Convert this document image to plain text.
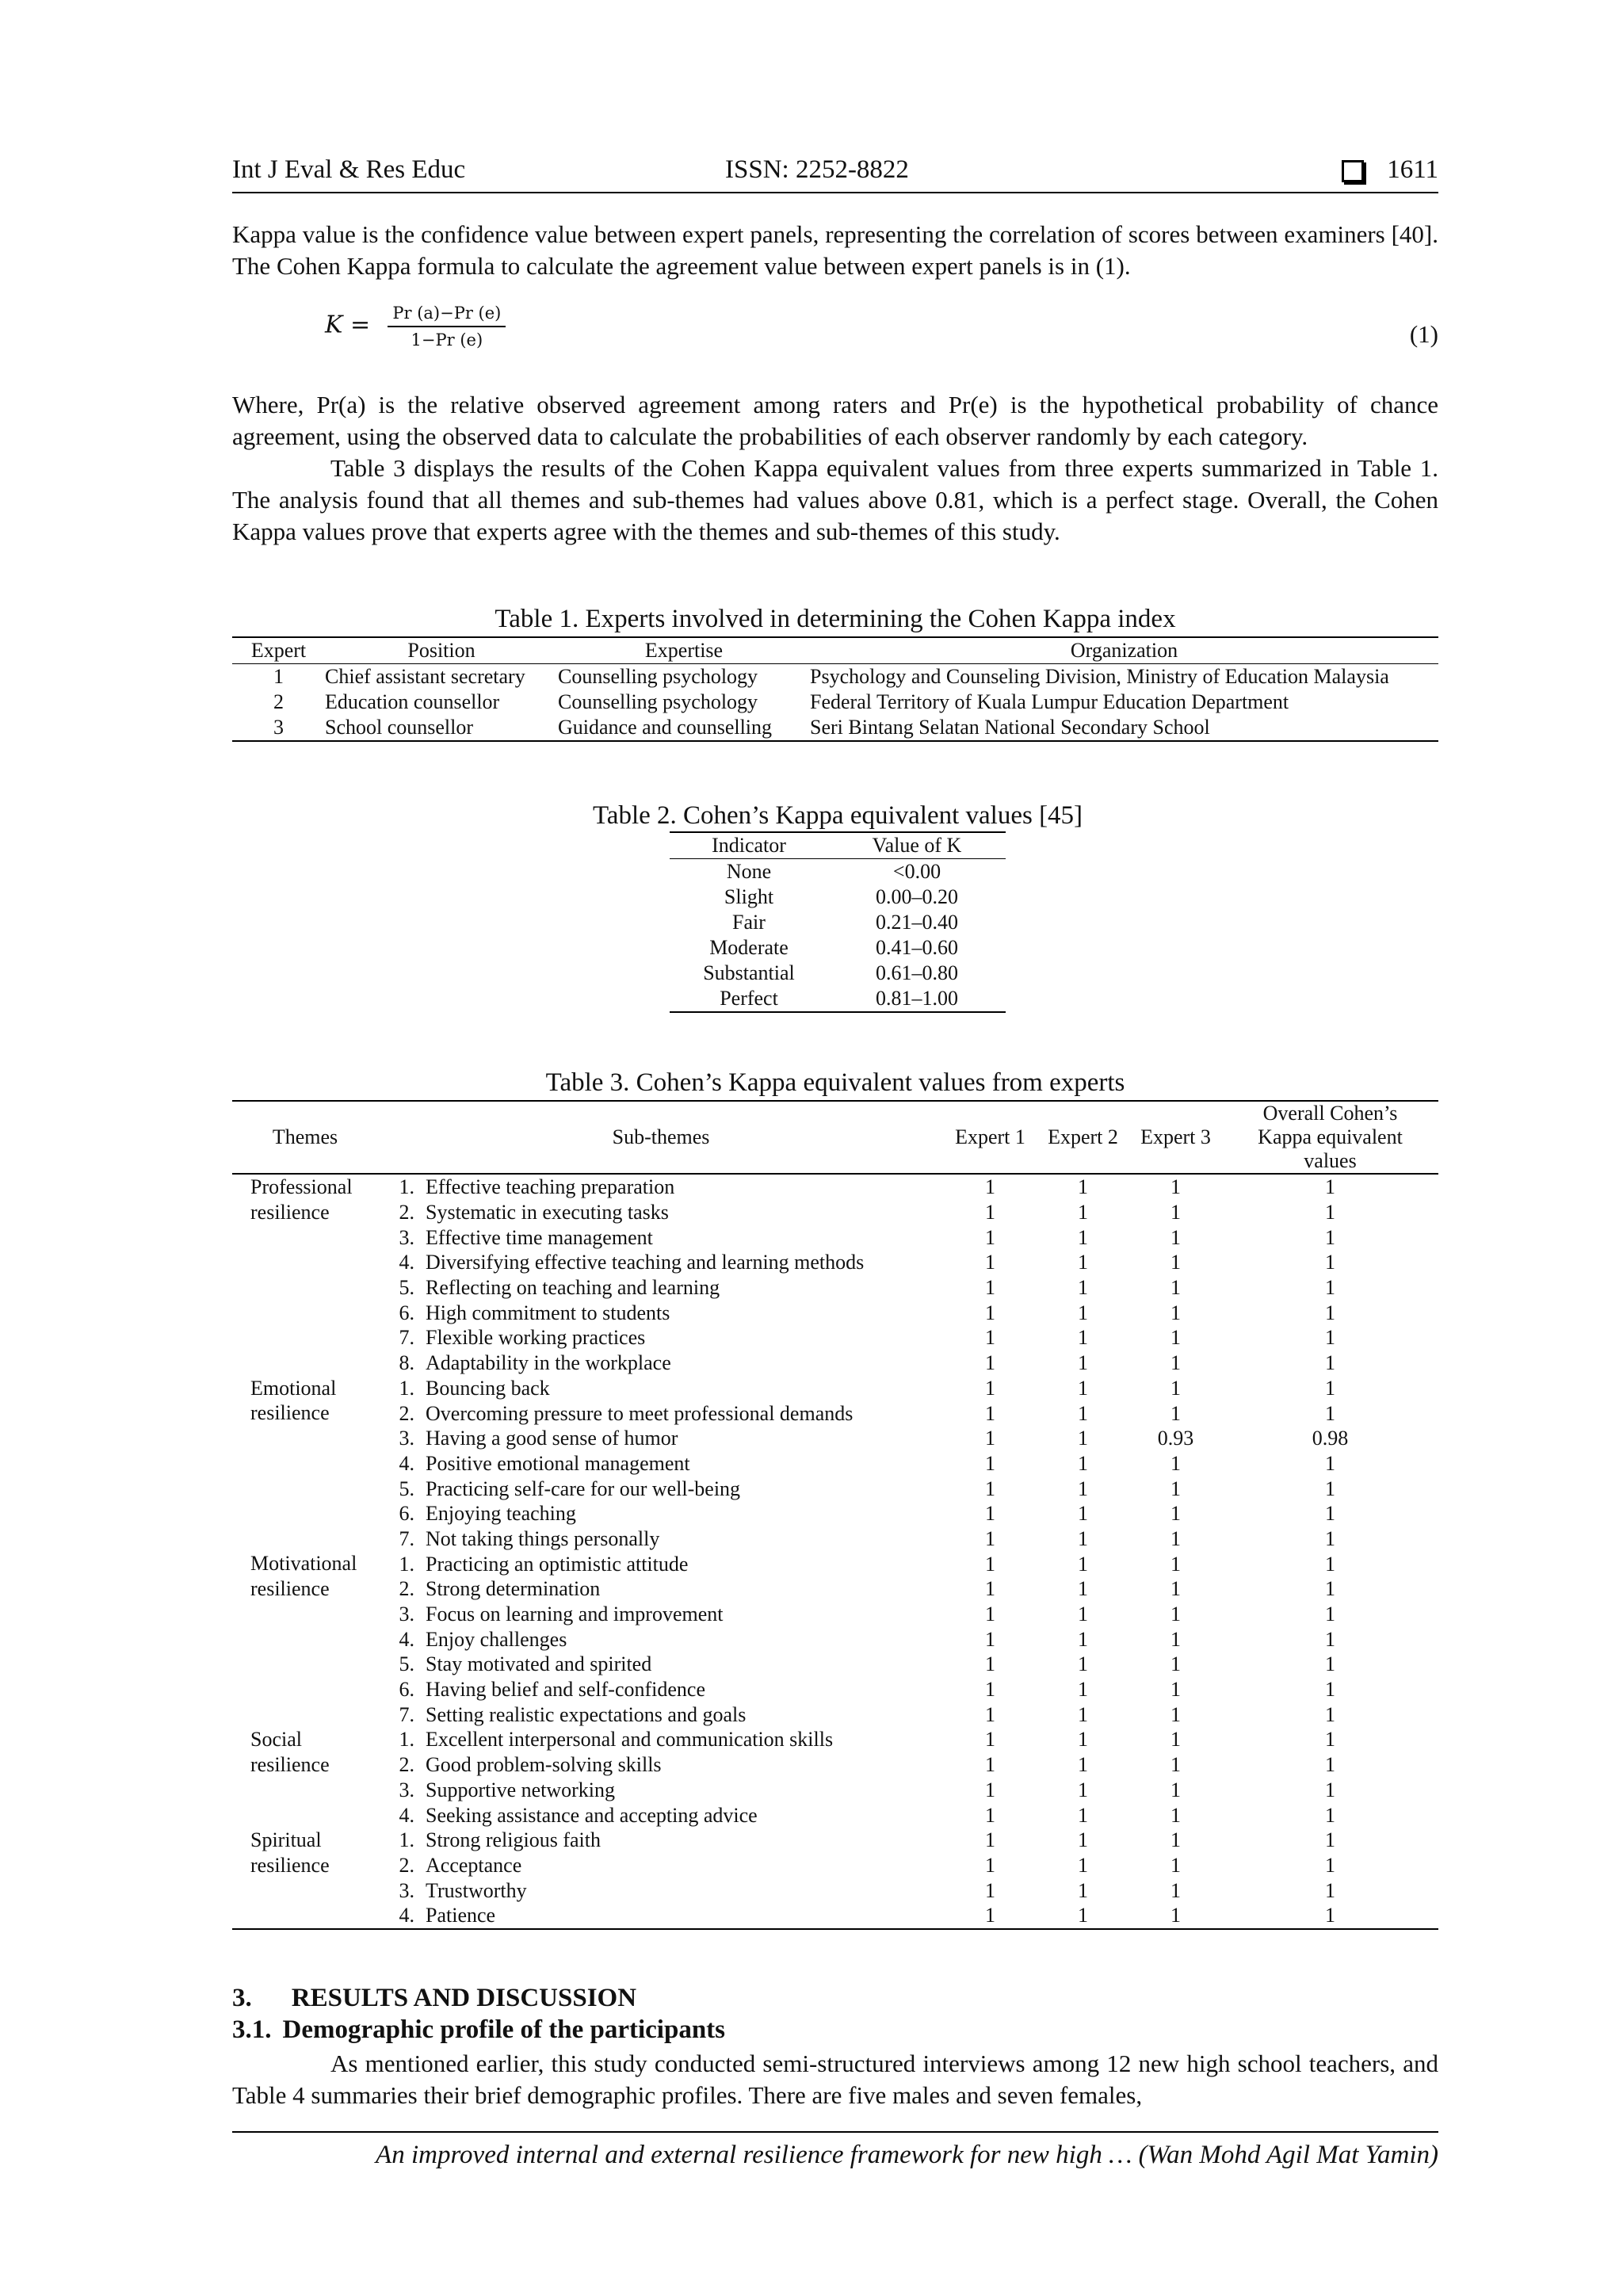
Int J Eval & Res Educ	ISSN: 2252-8822	1611
Kappa value is the confidence value between expert panels, representing the correlation of scores between examiners [40]. The Cohen Kappa formula to calculate the agreement value between expert panels is in (1).
$K = \frac{Pr (a)-Pr (e)}{1-Pr (e)}$	(1)
Where, Pr(a) is the relative observed agreement among raters and Pr(e) is the hypothetical probability of chance agreement, using the observed data to calculate the probabilities of each observer randomly by each category.
Table 3 displays the results of the Cohen Kappa equivalent values from three experts summarized in Table 1. The analysis found that all themes and sub-themes had values above 0.81, which is a perfect stage. Overall, the Cohen Kappa values prove that experts agree with the themes and sub-themes of this study.
Table 1. Experts involved in determining the Cohen Kappa index
Expert	Position	Expertise	Organization
1	Chief assistant secretary	Counselling psychology	Psychology and Counseling Division, Ministry of Education Malaysia
2	Education counsellor	Counselling psychology	Federal Territory of Kuala Lumpur Education Department
3	School counsellor	Guidance and counselling	Seri Bintang Selatan National Secondary School
Table 2. Cohen’s Kappa equivalent values [45]
Indicator	Value of K
None	<0.00
Slight	0.00–0.20
Fair	0.21–0.40
Moderate	0.41–0.60
Substantial	0.61–0.80
Perfect	0.81–1.00
Table 3. Cohen’s Kappa equivalent values from experts
Themes	Sub-themes		Expert 1	Expert 2	Expert 3	Overall Cohen’s Kappa equivalent values
Professional	1.	Effective teaching preparation	1	1	1	1
resilience	2.	Systematic in executing tasks	1	1	1	1
	3.	Effective time management	1	1	1	1
	4.	Diversifying effective teaching and learning methods	1	1	1	1
	5.	Reflecting on teaching and learning	1	1	1	1
	6.	High commitment to students	1	1	1	1
	7.	Flexible working practices	1	1	1	1
	8.	Adaptability in the workplace	1	1	1	1
Emotional	1.	Bouncing back	1	1	1	1
resilience	2.	Overcoming pressure to meet professional demands	1	1	1	1
	3.	Having a good sense of humor	1	1	0.93	0.98
	4.	Positive emotional management	1	1	1	1
	5.	Practicing self-care for our well-being	1	1	1	1
	6.	Enjoying teaching	1	1	1	1
	7.	Not taking things personally	1	1	1	1
Motivational	1.	Practicing an optimistic attitude	1	1	1	1
resilience	2.	Strong determination	1	1	1	1
	3.	Focus on learning and improvement	1	1	1	1
	4.	Enjoy challenges	1	1	1	1
	5.	Stay motivated and spirited	1	1	1	1
	6.	Having belief and self-confidence	1	1	1	1
	7.	Setting realistic expectations and goals	1	1	1	1
Social	1.	Excellent interpersonal and communication skills	1	1	1	1
resilience	2.	Good problem-solving skills	1	1	1	1
	3.	Supportive networking	1	1	1	1
	4.	Seeking assistance and accepting advice	1	1	1	1
Spiritual	1.	Strong religious faith	1	1	1	1
resilience	2.	Acceptance	1	1	1	1
	3.	Trustworthy	1	1	1	1
	4.	Patience	1	1	1	1
3. RESULTS AND DISCUSSION
3.1. Demographic profile of the participants
As mentioned earlier, this study conducted semi-structured interviews among 12 new high school teachers, and Table 4 summaries their brief demographic profiles. There are five males and seven females,
An improved internal and external resilience framework for new high … (Wan Mohd Agil Mat Yamin)
